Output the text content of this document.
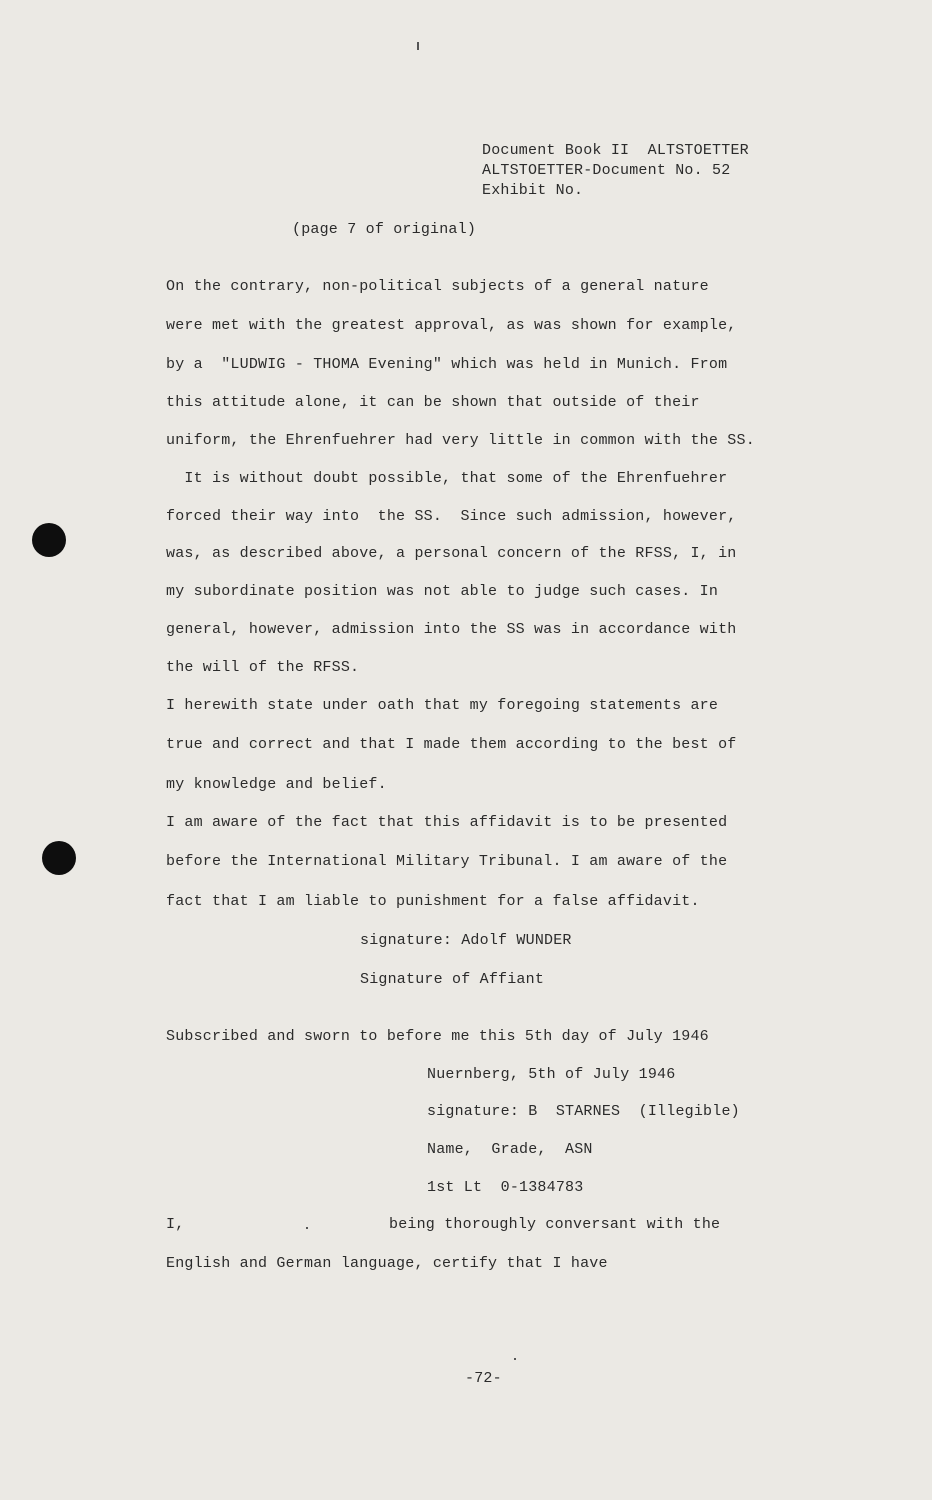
Document Book II  ALTSTOETTER
ALTSTOETTER-Document No. 52
Exhibit No.
(page 7 of original)
On the contrary, non-political subjects of a general nature
were met with the greatest approval, as was shown for example,
by a  "LUDWIG - THOMA Evening" which was held in Munich. From
this attitude alone, it can be shown that outside of their
uniform, the Ehrenfuehrer had very little in common with the SS.
It is without doubt possible, that some of the Ehrenfuehrer
forced their way into  the SS.  Since such admission, however,
was, as described above, a personal concern of the RFSS, I, in
my subordinate position was not able to judge such cases. In
general, however, admission into the SS was in accordance with
the will of the RFSS.
I herewith state under oath that my foregoing statements are
true and correct and that I made them according to the best of
my knowledge and belief.
I am aware of the fact that this affidavit is to be presented
before the International Military Tribunal. I am aware of the
fact that I am liable to punishment for a false affidavit.
signature: Adolf WUNDER
Signature of Affiant
Subscribed and sworn to before me this 5th day of July 1946
Nuernberg, 5th of July 1946
signature: B  STARNES  (Illegible)
Name,  Grade,  ASN
1st Lt  0-1384783
I,	being thoroughly conversant with the
English and German language, certify that I have
-72-
